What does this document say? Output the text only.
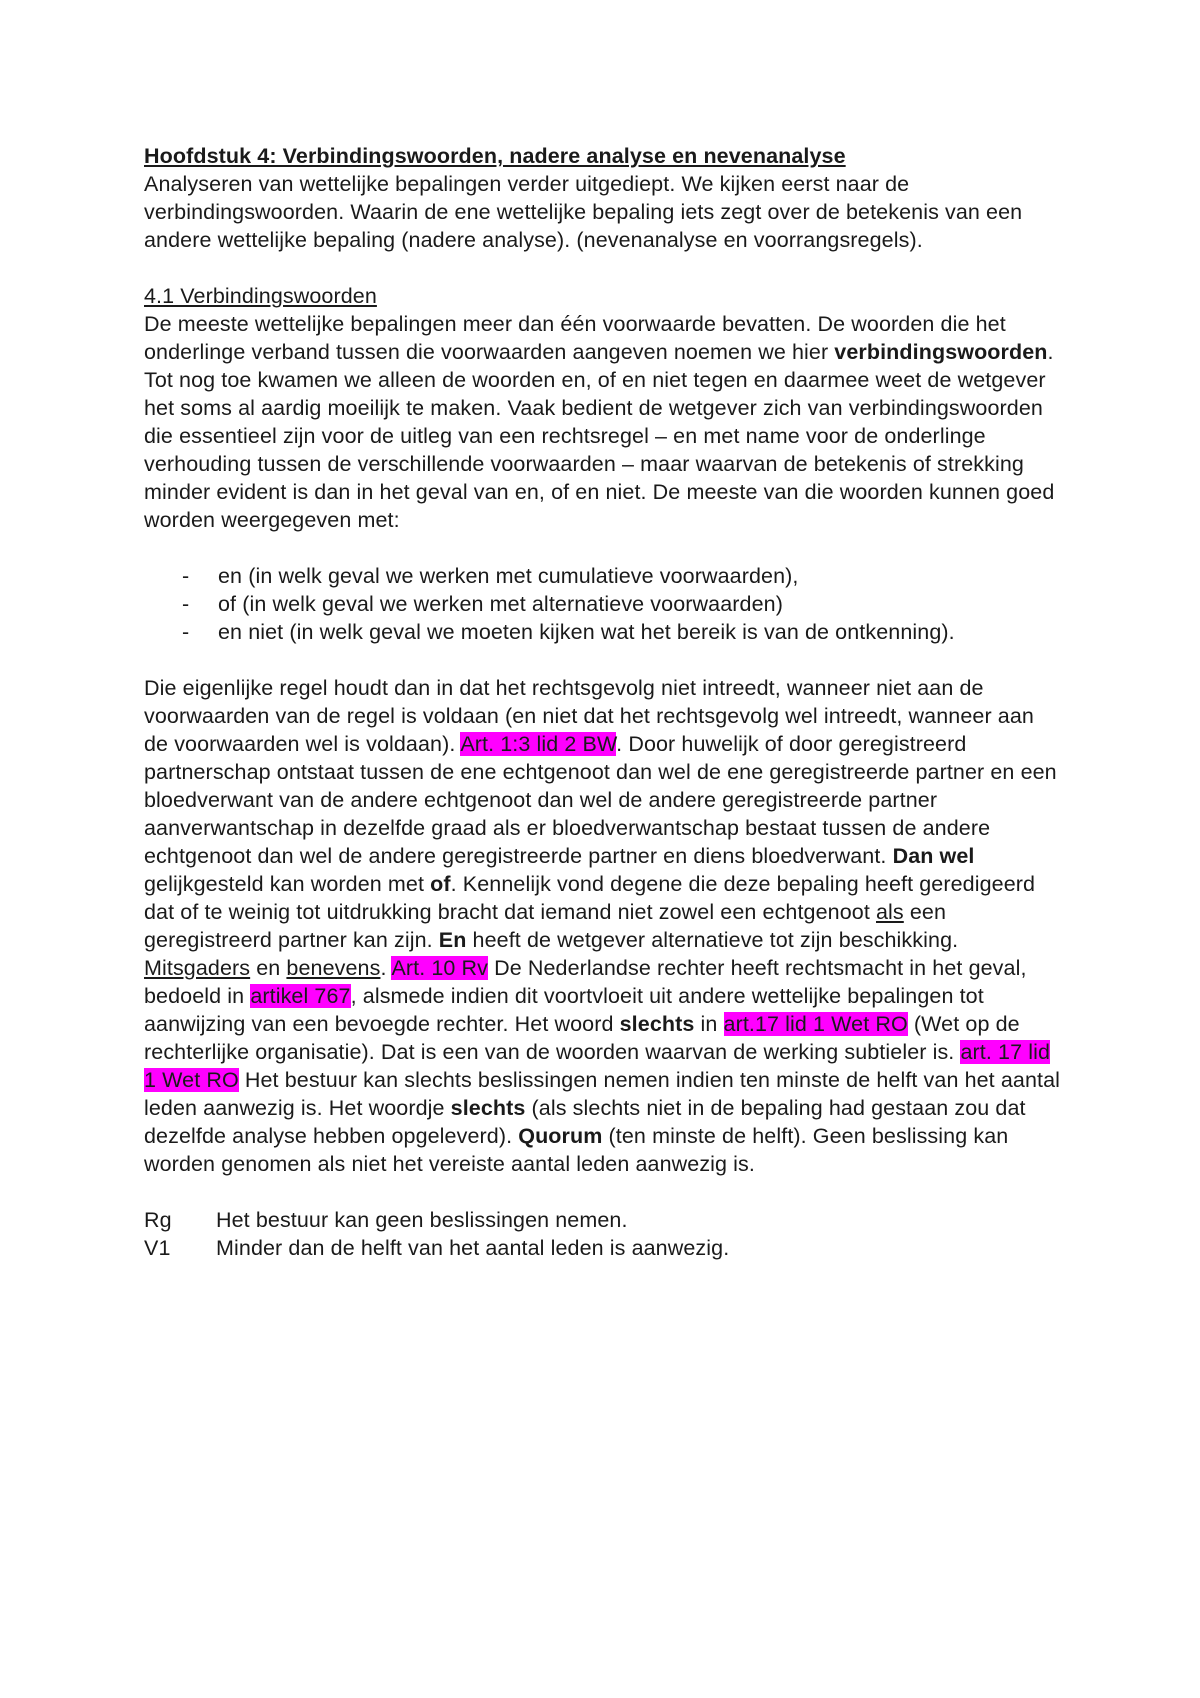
Hoofdstuk 4: Verbindingswoorden, nadere analyse en nevenanalyse
Analyseren van wettelijke bepalingen verder uitgediept. We kijken eerst naar de verbindingswoorden. Waarin de ene wettelijke bepaling iets zegt over de betekenis van een andere wettelijke bepaling (nadere analyse). (nevenanalyse en voorrangsregels).
4.1 Verbindingswoorden
De meeste wettelijke bepalingen meer dan één voorwaarde bevatten. De woorden die het onderlinge verband tussen die voorwaarden aangeven noemen we hier verbindingswoorden. Tot nog toe kwamen we alleen de woorden en, of en niet tegen en daarmee weet de wetgever het soms al aardig moeilijk te maken. Vaak bedient de wetgever zich van verbindingswoorden die essentieel zijn voor de uitleg van een rechtsregel – en met name voor de onderlinge verhouding tussen de verschillende voorwaarden – maar waarvan de betekenis of strekking minder evident is dan in het geval van en, of en niet. De meeste van die woorden kunnen goed worden weergegeven met:
- en (in welk geval we werken met cumulatieve voorwaarden),
- of (in welk geval we werken met alternatieve voorwaarden)
- en niet (in welk geval we moeten kijken wat het bereik is van de ontkenning).
Die eigenlijke regel houdt dan in dat het rechtsgevolg niet intreedt, wanneer niet aan de voorwaarden van de regel is voldaan (en niet dat het rechtsgevolg wel intreedt, wanneer aan de voorwaarden wel is voldaan). Art. 1:3 lid 2 BW. Door huwelijk of door geregistreerd partnerschap ontstaat tussen de ene echtgenoot dan wel de ene geregistreerde partner en een bloedverwant van de andere echtgenoot dan wel de andere geregistreerde partner aanverwantschap in dezelfde graad als er bloedverwantschap bestaat tussen de andere echtgenoot dan wel de andere geregistreerde partner en diens bloedverwant. Dan wel gelijkgesteld kan worden met of. Kennelijk vond degene die deze bepaling heeft geredigeerd dat of te weinig tot uitdrukking bracht dat iemand niet zowel een echtgenoot als een geregistreerd partner kan zijn. En heeft de wetgever alternatieve tot zijn beschikking. Mitsgaders en benevens. Art. 10 Rv De Nederlandse rechter heeft rechtsmacht in het geval, bedoeld in artikel 767, alsmede indien dit voortvloeit uit andere wettelijke bepalingen tot aanwijzing van een bevoegde rechter. Het woord slechts in art.17 lid 1 Wet RO (Wet op de rechterlijke organisatie). Dat is een van de woorden waarvan de werking subtieler is. art. 17 lid 1 Wet RO Het bestuur kan slechts beslissingen nemen indien ten minste de helft van het aantal leden aanwezig is. Het woordje slechts (als slechts niet in de bepaling had gestaan zou dat dezelfde analyse hebben opgeleverd). Quorum (ten minste de helft). Geen beslissing kan worden genomen als niet het vereiste aantal leden aanwezig is.
Rg	Het bestuur kan geen beslissingen nemen.
V1	Minder dan de helft van het aantal leden is aanwezig.
